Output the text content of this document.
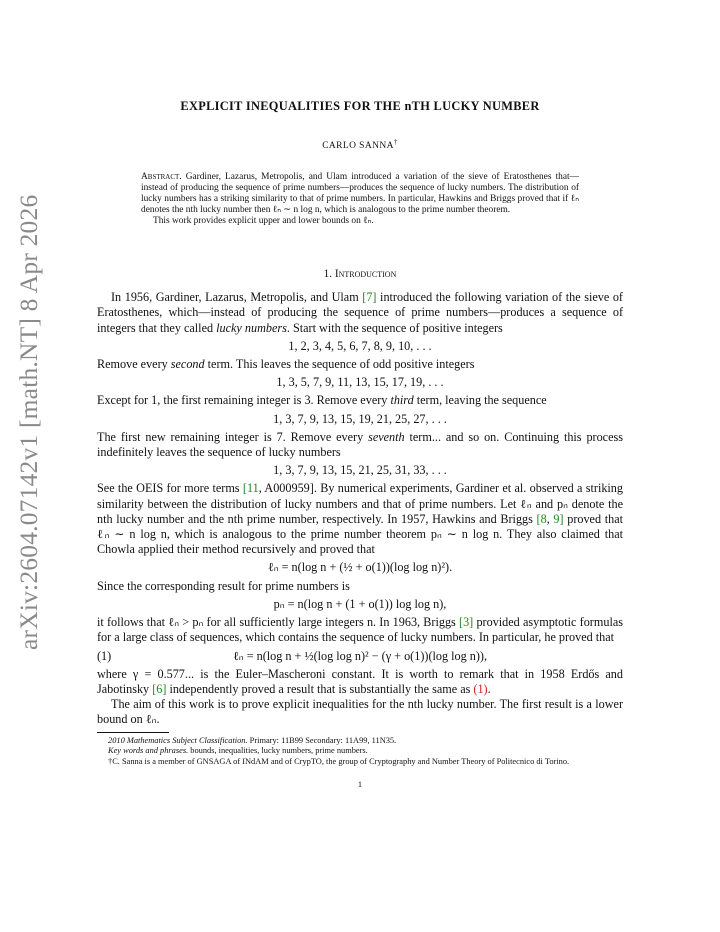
arXiv:2604.07142v1 [math.NT] 8 Apr 2026
EXPLICIT INEQUALITIES FOR THE nTH LUCKY NUMBER
CARLO SANNA†

Abstract. Gardiner, Lazarus, Metropolis, and Ulam introduced a variation of the sieve of Eratosthenes that—instead of producing the sequence of prime numbers—produces the sequence of lucky numbers. The distribution of lucky numbers has a striking similarity to that of prime numbers. In particular, Hawkins and Briggs proved that if ℓₙ denotes the nth lucky number then ℓₙ ∼ n log n, which is analogous to the prime number theorem.

This work provides explicit upper and lower bounds on ℓₙ.

1. Introduction

In 1956, Gardiner, Lazarus, Metropolis, and Ulam [7] introduced the following variation of the sieve of Eratosthenes, which—instead of producing the sequence of prime numbers—produces a sequence of integers that they called lucky numbers. Start with the sequence of positive integers

1, 2, 3, 4, 5, 6, 7, 8, 9, 10, . . .

Remove every second term. This leaves the sequence of odd positive integers

1, 3, 5, 7, 9, 11, 13, 15, 17, 19, . . .

Except for 1, the first remaining integer is 3. Remove every third term, leaving the sequence

1, 3, 7, 9, 13, 15, 19, 21, 25, 27, . . .

The first new remaining integer is 7. Remove every seventh term... and so on. Continuing this process indefinitely leaves the sequence of lucky numbers

1, 3, 7, 9, 13, 15, 21, 25, 31, 33, . . .

See the OEIS for more terms [11, A000959]. By numerical experiments, Gardiner et al. observed a striking similarity between the distribution of lucky numbers and that of prime numbers. Let ℓₙ and pₙ denote the nth lucky number and the nth prime number, respectively. In 1957, Hawkins and Briggs [8, 9] proved that ℓₙ ∼ n log n, which is analogous to the prime number theorem pₙ ∼ n log n. They also claimed that Chowla applied their method recursively and proved that

ℓₙ = n(log n + (½ + o(1))(log log n)²).

Since the corresponding result for prime numbers is

pₙ = n(log n + (1 + o(1)) log log n),

it follows that ℓₙ > pₙ for all sufficiently large integers n. In 1963, Briggs [3] provided asymptotic formulas for a large class of sequences, which contains the sequence of lucky numbers. In particular, he proved that

(1)	ℓₙ = n(log n + ½(log log n)² − (γ + o(1))(log log n)),

where γ = 0.577... is the Euler–Mascheroni constant. It is worth to remark that in 1958 Erdős and Jabotinsky [6] independently proved a result that is substantially the same as (1).

The aim of this work is to prove explicit inequalities for the nth lucky number. The first result is a lower bound on ℓₙ.

2010 Mathematics Subject Classification. Primary: 11B99 Secondary: 11A99, 11N35.

Key words and phrases. bounds, inequalities, lucky numbers, prime numbers.

†C. Sanna is a member of GNSAGA of INdAM and of CrypTO, the group of Cryptography and Number Theory of Politecnico di Torino.

1
